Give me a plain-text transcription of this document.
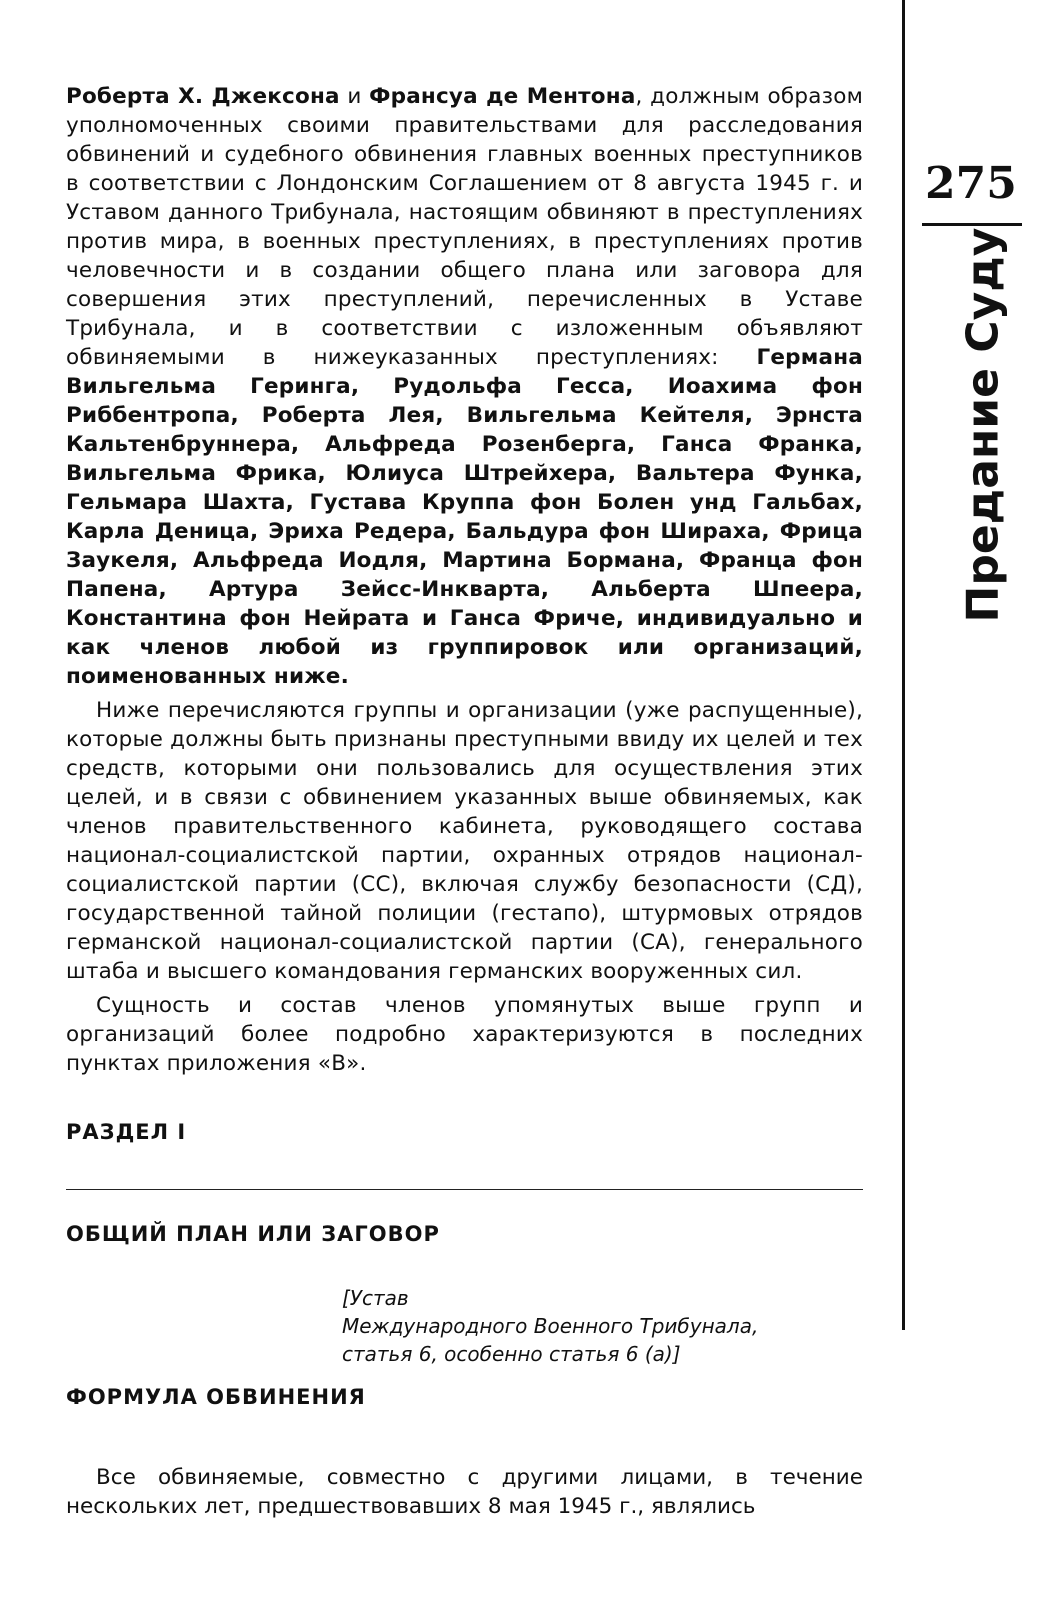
275
Предание Суду

Роберта Х. Джексона и Франсуа де Ментона, должным образом уполномоченных своими правительствами для расследования обвинений и судебного обвинения главных военных преступников в соответствии с Лондонским Соглашением от 8 августа 1945 г. и Уставом данного Трибунала, настоящим обвиняют в преступлениях против мира, в военных преступлениях, в преступлениях против человечности и в создании общего плана или заговора для совершения этих преступлений, перечисленных в Уставе Трибунала, и в соответствии с изложенным объявляют обвиняемыми в нижеуказанных преступлениях: Германа Вильгельма Геринга, Рудольфа Гесса, Иоахима фон Риббентропа, Роберта Лея, Вильгельма Кейтеля, Эрнста Кальтенбруннера, Альфреда Розенберга, Ганса Франка, Вильгельма Фрика, Юлиуса Штрейхера, Вальтера Функа, Гельмара Шахта, Густава Круппа фон Болен унд Гальбах, Карла Деница, Эриха Редера, Бальдура фон Шираха, Фрица Заукеля, Альфреда Иодля, Мартина Бормана, Франца фон Папена, Артура Зейсс-Инкварта, Альберта Шпеера, Константина фон Нейрата и Ганса Фриче, индивидуально и как членов любой из группировок или организаций, поименованных ниже.

Ниже перечисляются группы и организации (уже распущенные), которые должны быть признаны преступными ввиду их целей и тех средств, которыми они пользовались для осуществления этих целей, и в связи с обвинением указанных выше обвиняемых, как членов правительственного кабинета, руководящего состава национал-социалистской партии, охранных отрядов национал-социалистской партии (СС), включая службу безопасности (СД), государственной тайной полиции (гестапо), штурмовых отрядов германской национал-социалистской партии (СА), генерального штаба и высшего командования германских вооруженных сил.

Сущность и состав членов упомянутых выше групп и организаций более подробно характеризуются в последних пунктах приложения «В».

РАЗДЕЛ I
ОБЩИЙ ПЛАН ИЛИ ЗАГОВОР
[Устав
Международного Военного Трибунала,
статья 6, особенно статья 6 (а)]
ФОРМУЛА ОБВИНЕНИЯ

Все обвиняемые, совместно с другими лицами, в течение нескольких лет, предшествовавших 8 мая 1945 г., являлись
